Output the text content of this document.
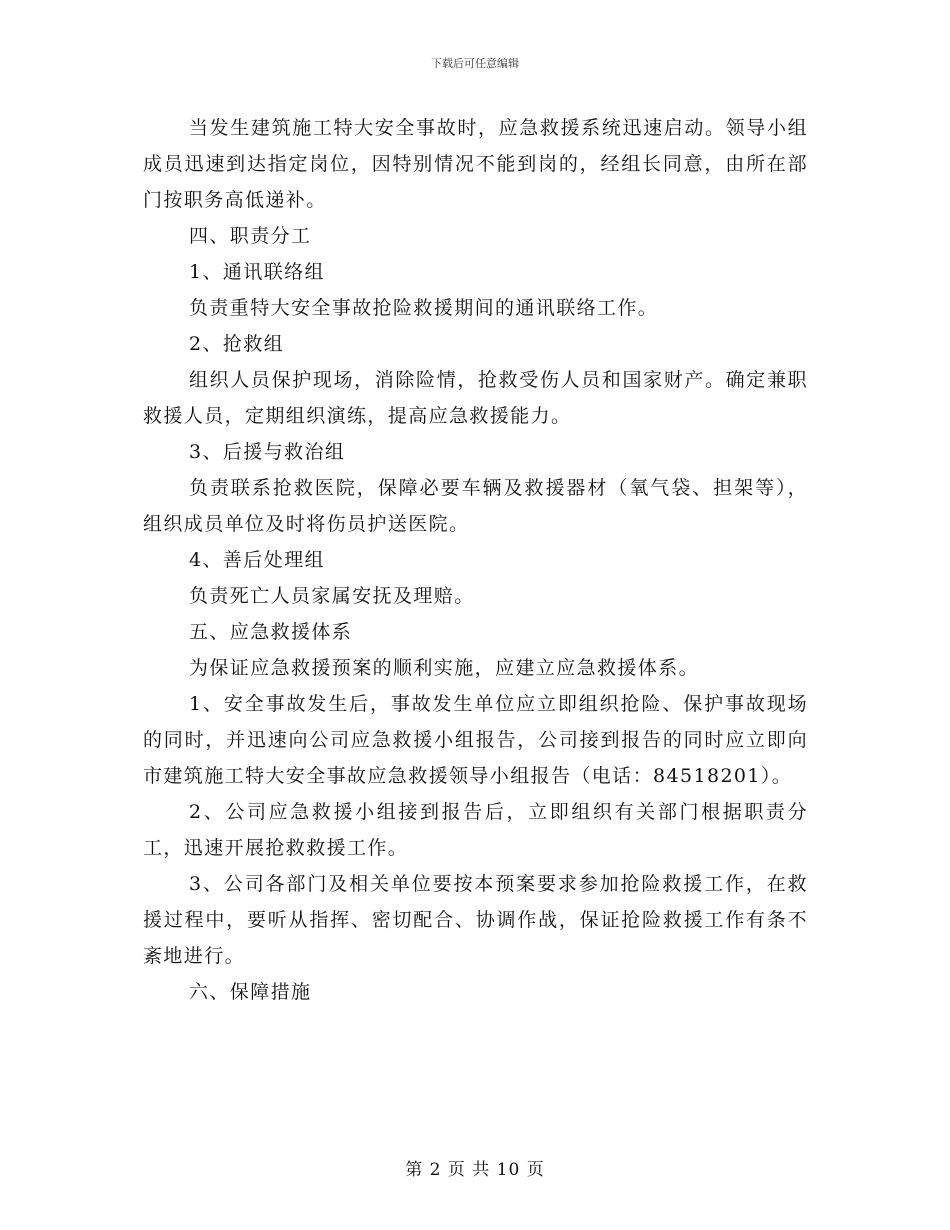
下载后可任意编辑

当发生建筑施工特大安全事故时，应急救援系统迅速启动。领导小组成员迅速到达指定岗位，因特别情况不能到岗的，经组长同意，由所在部门按职务高低递补。

四、职责分工

1、通讯联络组

负责重特大安全事故抢险救援期间的通讯联络工作。

2、抢救组

组织人员保护现场，消除险情，抢救受伤人员和国家财产。确定兼职救援人员，定期组织演练，提高应急救援能力。

3、后援与救治组

负责联系抢救医院，保障必要车辆及救援器材（氧气袋、担架等），组织成员单位及时将伤员护送医院。

4、善后处理组

负责死亡人员家属安抚及理赔。

五、应急救援体系

为保证应急救援预案的顺利实施，应建立应急救援体系。

1、安全事故发生后，事故发生单位应立即组织抢险、保护事故现场的同时，并迅速向公司应急救援小组报告，公司接到报告的同时应立即向市建筑施工特大安全事故应急救援领导小组报告（电话：84518201）。

2、公司应急救援小组接到报告后，立即组织有关部门根据职责分工，迅速开展抢救救援工作。

3、公司各部门及相关单位要按本预案要求参加抢险救援工作，在救援过程中，要听从指挥、密切配合、协调作战，保证抢险救援工作有条不紊地进行。

六、保障措施

第 2 页 共 10 页
